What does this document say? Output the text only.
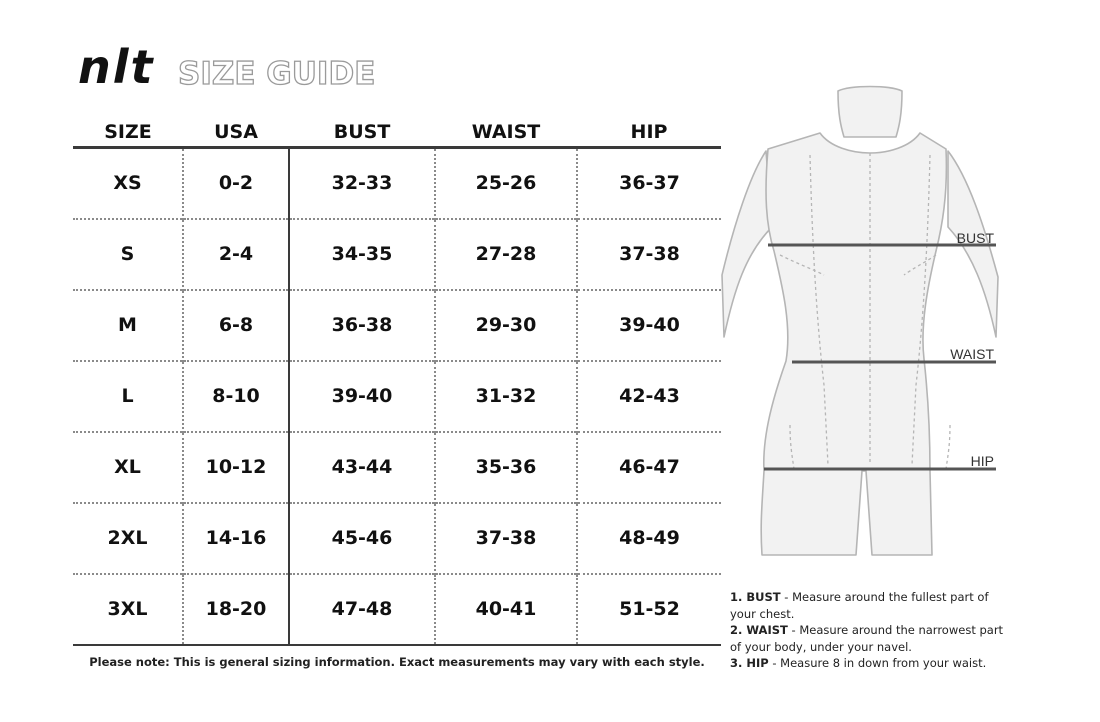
nlt SIZE GUIDE
SIZE	USA	BUST	WAIST	HIP
XS	0-2	32-33	25-26	36-37
S	2-4	34-35	27-28	37-38
M	6-8	36-38	29-30	39-40
L	8-10	39-40	31-32	42-43
XL	10-12	43-44	35-36	46-47
2XL	14-16	45-46	37-38	48-49
3XL	18-20	47-48	40-41	51-52
Please note: This is general sizing information. Exact measurements may vary with each style.
BUST
WAIST
HIP

1. BUST - Measure around the fullest part of your chest.

2. WAIST - Measure around the narrowest part of your body, under your navel.

3. HIP - Measure 8 in down from your waist.
